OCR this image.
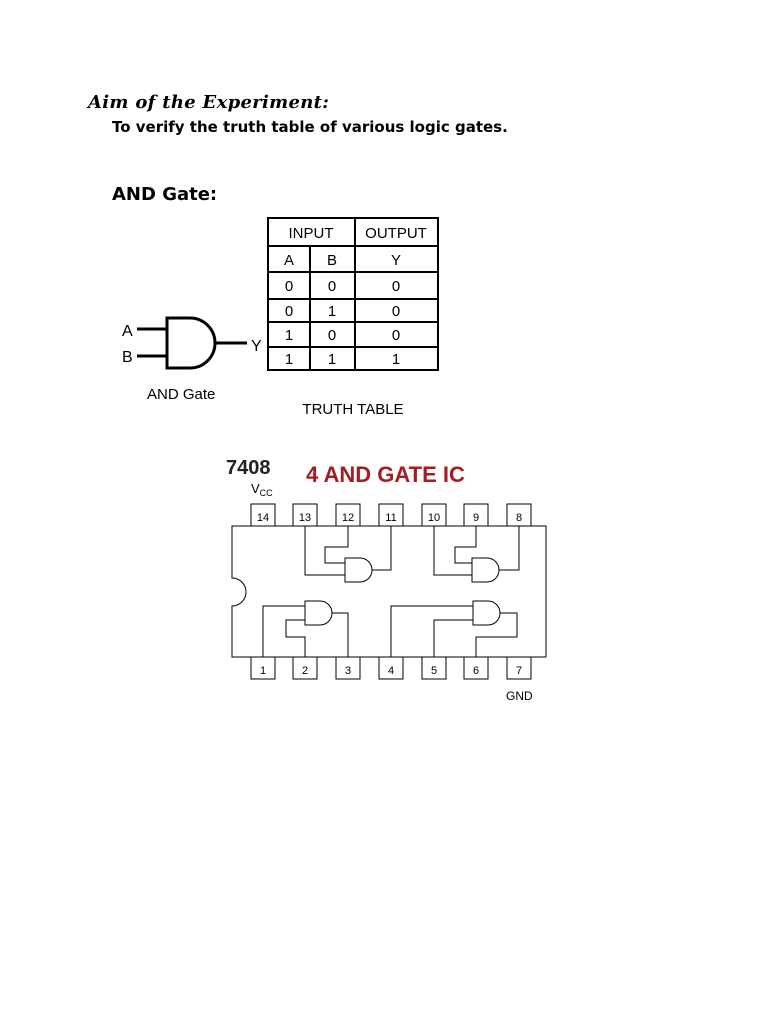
Aim of the Experiment:
To verify the truth table of various logic gates.
AND Gate:
A
B
Y
AND Gate
INPUT OUTPUT
A B	Y
0 0	0
0 1	0
1 0	0
1 1	1
TRUTH TABLE
7408 4 AND GATE IC
$V_{CC}$
GND
14	13	12	11	10	9	8
1	2	3	4	5	6	7
